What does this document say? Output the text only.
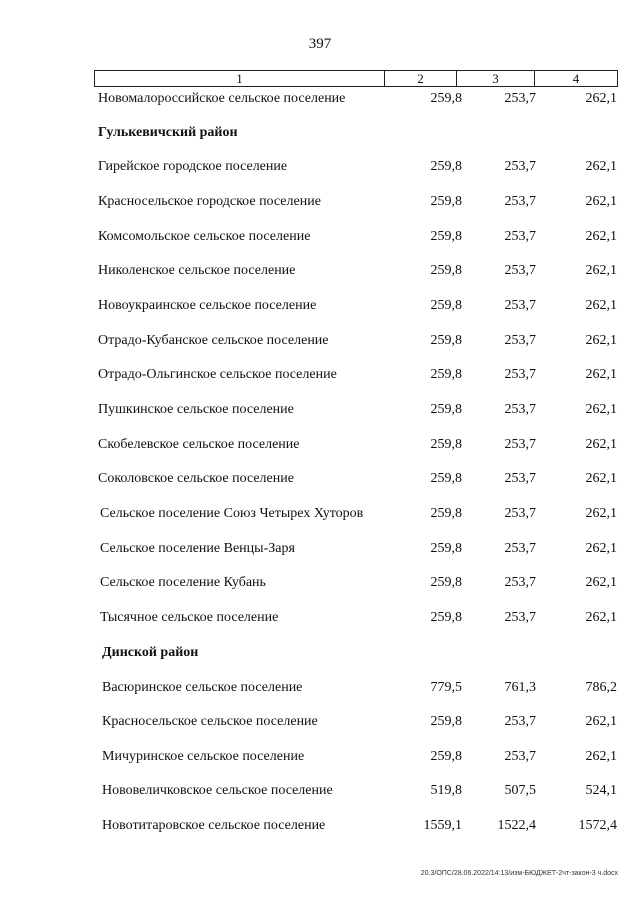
397
1	2	3	4
Новомалороссийское сельское поселение	259,8	253,7	262,1
Гулькевичский район
Гирейское городское поселение	259,8	253,7	262,1
Красносельское городское поселение	259,8	253,7	262,1
Комсомольское сельское поселение	259,8	253,7	262,1
Николенское сельское поселение	259,8	253,7	262,1
Новоукраинское сельское поселение	259,8	253,7	262,1
Отрадо-Кубанское сельское поселение	259,8	253,7	262,1
Отрадо-Ольгинское сельское поселение	259,8	253,7	262,1
Пушкинское сельское поселение	259,8	253,7	262,1
Скобелевское сельское поселение	259,8	253,7	262,1
Соколовское сельское поселение	259,8	253,7	262,1
Сельское поселение Союз Четырех Хуторов	259,8	253,7	262,1
Сельское поселение Венцы-Заря	259,8	253,7	262,1
Сельское поселение Кубань	259,8	253,7	262,1
Тысячное сельское поселение	259,8	253,7	262,1
Динской район
Васюринское сельское поселение	779,5	761,3	786,2
Красносельское сельское поселение	259,8	253,7	262,1
Мичуринское сельское поселение	259,8	253,7	262,1
Нововеличковское сельское поселение	519,8	507,5	524,1
Новотитаровское сельское поселение	1559,1	1522,4	1572,4
20.3/ОПС/28.06.2022/14:13/изм-БЮДЖЕТ-2чт-закон-3 ч.docx
